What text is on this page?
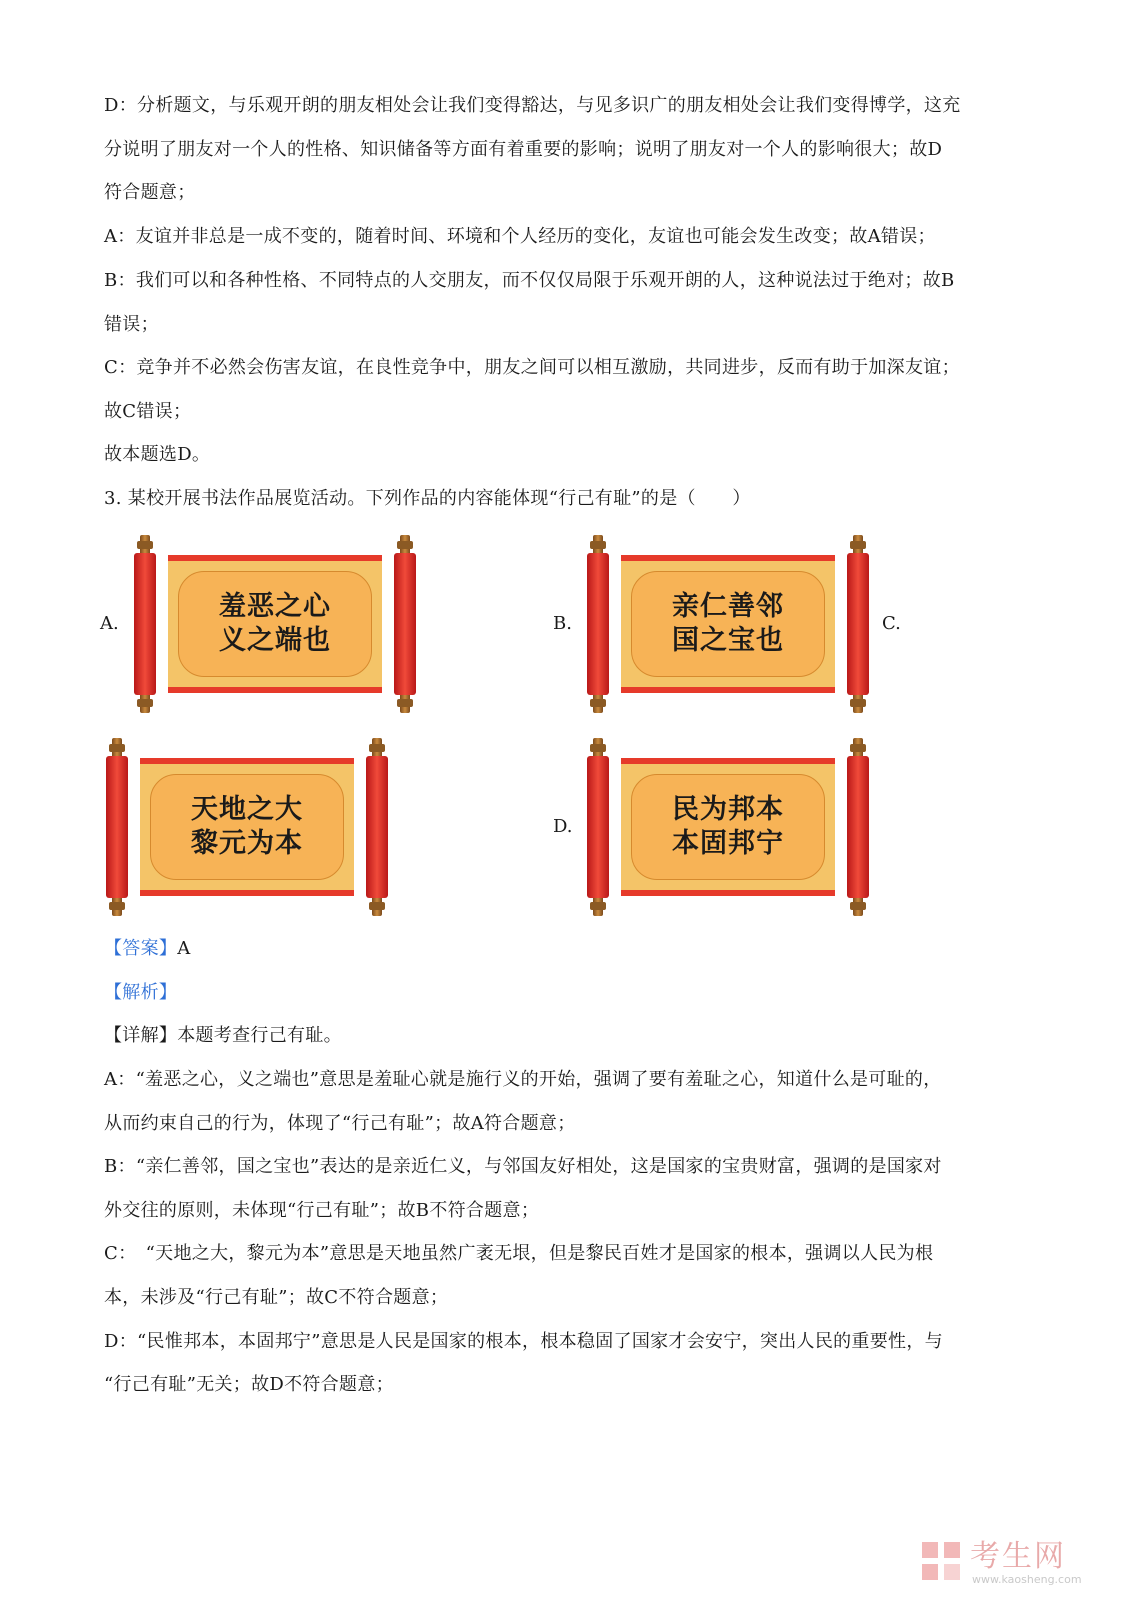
D：分析题文，与乐观开朗的朋友相处会让我们变得豁达，与见多识广的朋友相处会让我们变得博学，这充
分说明了朋友对一个人的性格、知识储备等方面有着重要的影响；说明了朋友对一个人的影响很大；故D
符合题意；
A：友谊并非总是一成不变的，随着时间、环境和个人经历的变化，友谊也可能会发生改变；故A错误；
B：我们可以和各种性格、不同特点的人交朋友，而不仅仅局限于乐观开朗的人，这种说法过于绝对；故B
错误；
C：竞争并不必然会伤害友谊，在良性竞争中，朋友之间可以相互激励，共同进步，反而有助于加深友谊；
故C错误；
故本题选D。
3. 某校开展书法作品展览活动。下列作品的内容能体现“行己有耻”的是（　　）
A.	B.	C.
D.
羞恶之心
义之端也
亲仁善邻
国之宝也
天地之大
黎元为本
民为邦本
本固邦宁
【答案】A
【解析】
【详解】本题考查行己有耻。
A：“羞恶之心，义之端也”意思是羞耻心就是施行义的开始，强调了要有羞耻之心，知道什么是可耻的，
从而约束自己的行为，体现了“行己有耻”；故A符合题意；
B：“亲仁善邻，国之宝也”表达的是亲近仁义，与邻国友好相处，这是国家的宝贵财富，强调的是国家对
外交往的原则，未体现“行己有耻”；故B不符合题意；
C：　“天地之大，黎元为本”意思是天地虽然广袤无垠，但是黎民百姓才是国家的根本，强调以人民为根
本，未涉及“行己有耻”；故C不符合题意；
D：“民惟邦本，本固邦宁”意思是人民是国家的根本，根本稳固了国家才会安宁，突出人民的重要性，与
“行己有耻”无关；故D不符合题意；
考生网
www.kaosheng.com
